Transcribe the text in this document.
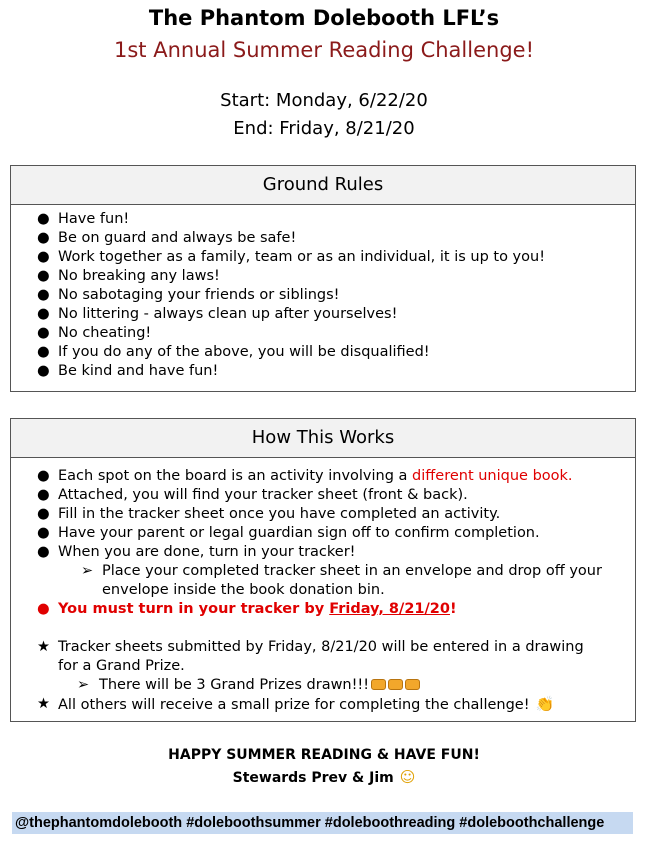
The Phantom Dolebooth LFL’s
1st Annual Summer Reading Challenge!
Start: Monday, 6/22/20
End: Friday, 8/21/20
Ground Rules
● Have fun!
● Be on guard and always be safe!
● Work together as a family, team or as an individual, it is up to you!
● No breaking any laws!
● No sabotaging your friends or siblings!
● No littering - always clean up after yourselves!
● No cheating!
● If you do any of the above, you will be disqualified!
● Be kind and have fun!
How This Works
● Each spot on the board is an activity involving a different unique book.
● Attached, you will find your tracker sheet (front & back).
● Fill in the tracker sheet once you have completed an activity.
● Have your parent or legal guardian sign off to confirm completion.
● When you are done, turn in your tracker!
➢ Place your completed tracker sheet in an envelope and drop off your
envelope inside the book donation bin.
● You must turn in your tracker by Friday, 8/21/20!
★ Tracker sheets submitted by Friday, 8/21/20 will be entered in a drawing
for a Grand Prize.
➢ There will be 3 Grand Prizes drawn!!!
★ All others will receive a small prize for completing the challenge! 👏
HAPPY SUMMER READING & HAVE FUN!
Stewards Prev & Jim ☺
@thephantomdolebooth #doleboothsummer #doleboothreading #doleboothchallenge
